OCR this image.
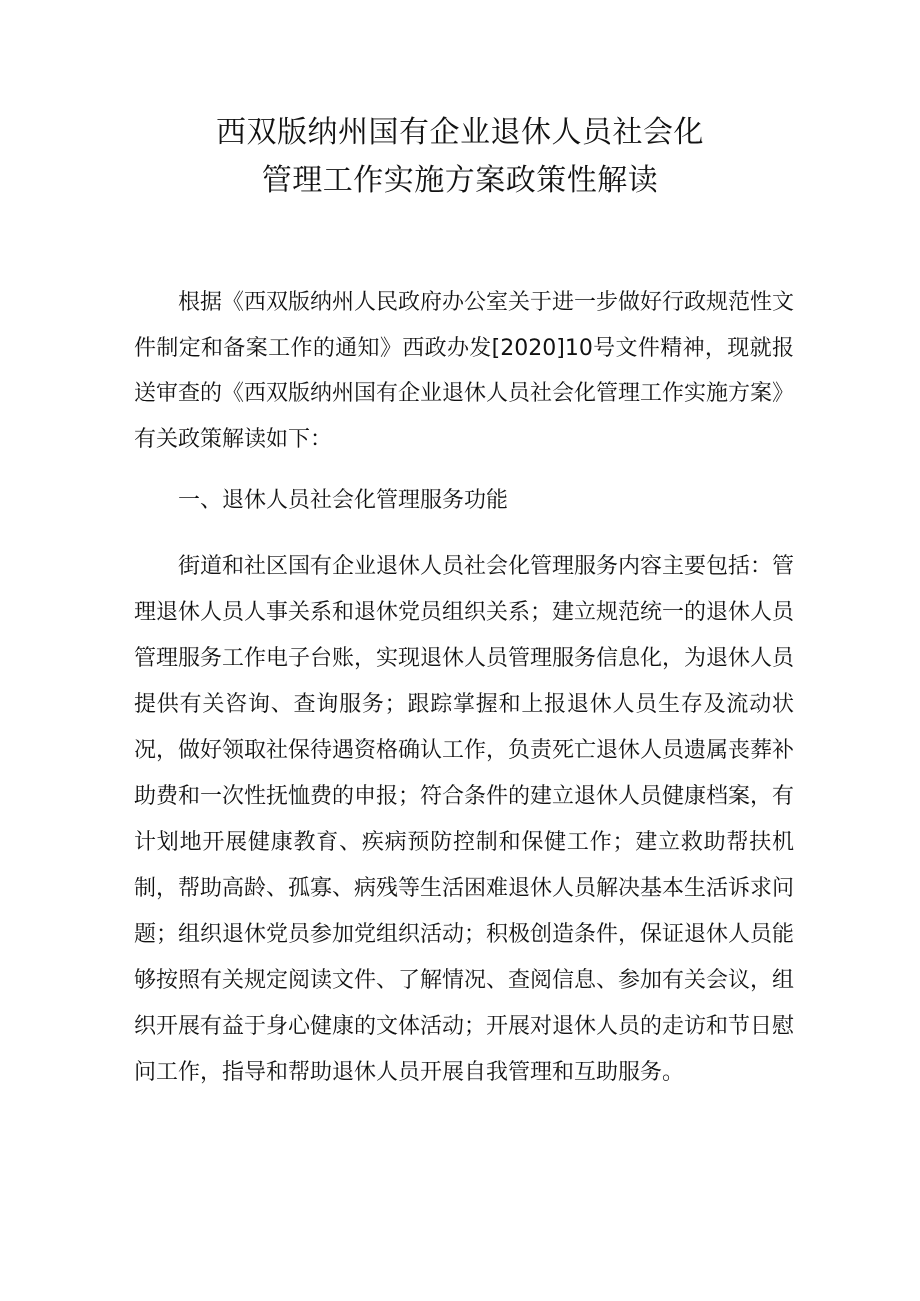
西双版纳州国有企业退休人员社会化
管理工作实施方案政策性解读

根据《西双版纳州人民政府办公室关于进一步做好行政规范性文件制定和备案工作的通知》西政办发[2020]10号文件精神，现就报送审查的《西双版纳州国有企业退休人员社会化管理工作实施方案》有关政策解读如下：

一、退休人员社会化管理服务功能

街道和社区国有企业退休人员社会化管理服务内容主要包括：管理退休人员人事关系和退休党员组织关系；建立规范统一的退休人员管理服务工作电子台账，实现退休人员管理服务信息化，为退休人员提供有关咨询、查询服务；跟踪掌握和上报退休人员生存及流动状况，做好领取社保待遇资格确认工作，负责死亡退休人员遗属丧葬补助费和一次性抚恤费的申报；符合条件的建立退休人员健康档案，有计划地开展健康教育、疾病预防控制和保健工作；建立救助帮扶机制，帮助高龄、孤寡、病残等生活困难退休人员解决基本生活诉求问题；组织退休党员参加党组织活动；积极创造条件，保证退休人员能够按照有关规定阅读文件、了解情况、查阅信息、参加有关会议，组织开展有益于身心健康的文体活动；开展对退休人员的走访和节日慰问工作，指导和帮助退休人员开展自我管理和互助服务。
